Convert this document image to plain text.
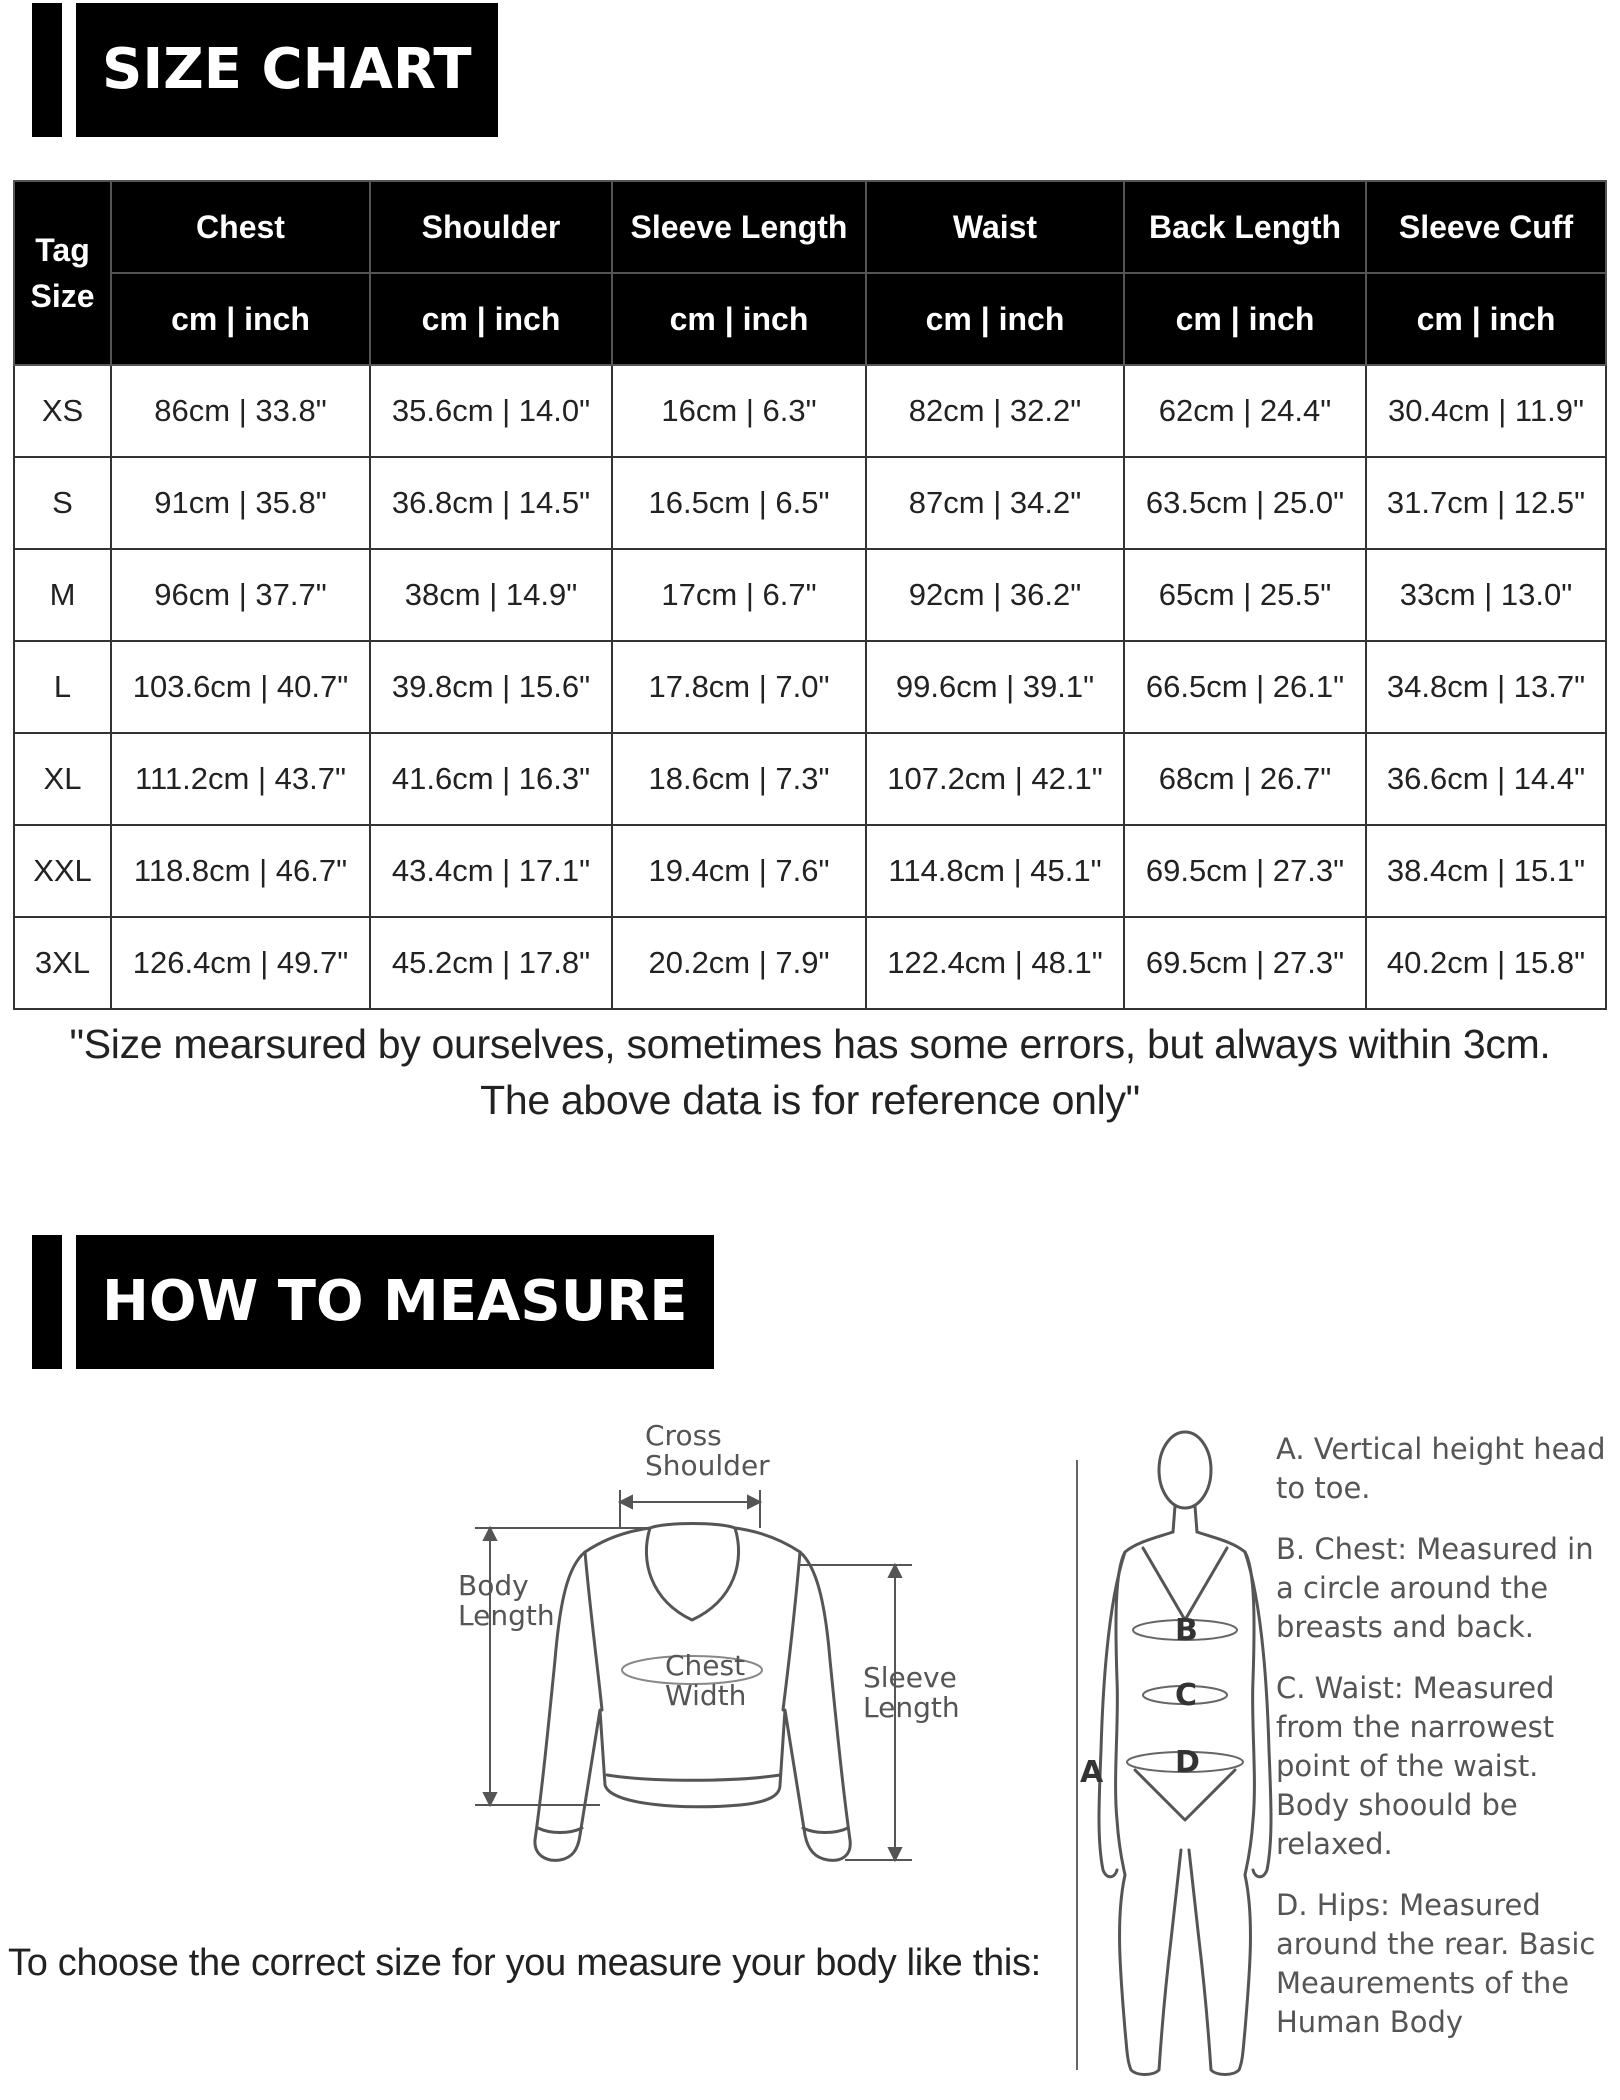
SIZE CHART
Tag
Size	Chest	Shoulder	Sleeve Length	Waist	Back Length	Sleeve Cuff
	cm | inch	cm | inch	cm | inch	cm | inch	cm | inch	cm | inch
XS	86cm | 33.8"	35.6cm | 14.0"	16cm | 6.3"	82cm | 32.2"	62cm | 24.4"	30.4cm | 11.9"
S	91cm | 35.8"	36.8cm | 14.5"	16.5cm | 6.5"	87cm | 34.2"	63.5cm | 25.0"	31.7cm | 12.5"
M	96cm | 37.7"	38cm | 14.9"	17cm | 6.7"	92cm | 36.2"	65cm | 25.5"	33cm | 13.0"
L	103.6cm | 40.7"	39.8cm | 15.6"	17.8cm | 7.0"	99.6cm | 39.1"	66.5cm | 26.1"	34.8cm | 13.7"
XL	111.2cm | 43.7"	41.6cm | 16.3"	18.6cm | 7.3"	107.2cm | 42.1"	68cm | 26.7"	36.6cm | 14.4"
XXL	118.8cm | 46.7"	43.4cm | 17.1"	19.4cm | 7.6"	114.8cm | 45.1"	69.5cm | 27.3"	38.4cm | 15.1"
3XL	126.4cm | 49.7"	45.2cm | 17.8"	20.2cm | 7.9"	122.4cm | 48.1"	69.5cm | 27.3"	40.2cm | 15.8"
"Size mearsured by ourselves, sometimes has some errors, but always within 3cm.
The above data is for reference only"
HOW TO MEASURE
Cross
Shoulder
Body
Length
Chest
Width
Sleeve
Length
B
C
D
A
A. Vertical height head to toe.
B. Chest: Measured in a circle around the breasts and back.
C. Waist: Measured from the narrowest point of the waist. Body shoould be relaxed.
D. Hips: Measured around the rear. Basic Meaurements of the Human Body
To choose the correct size for you measure your body like this:
